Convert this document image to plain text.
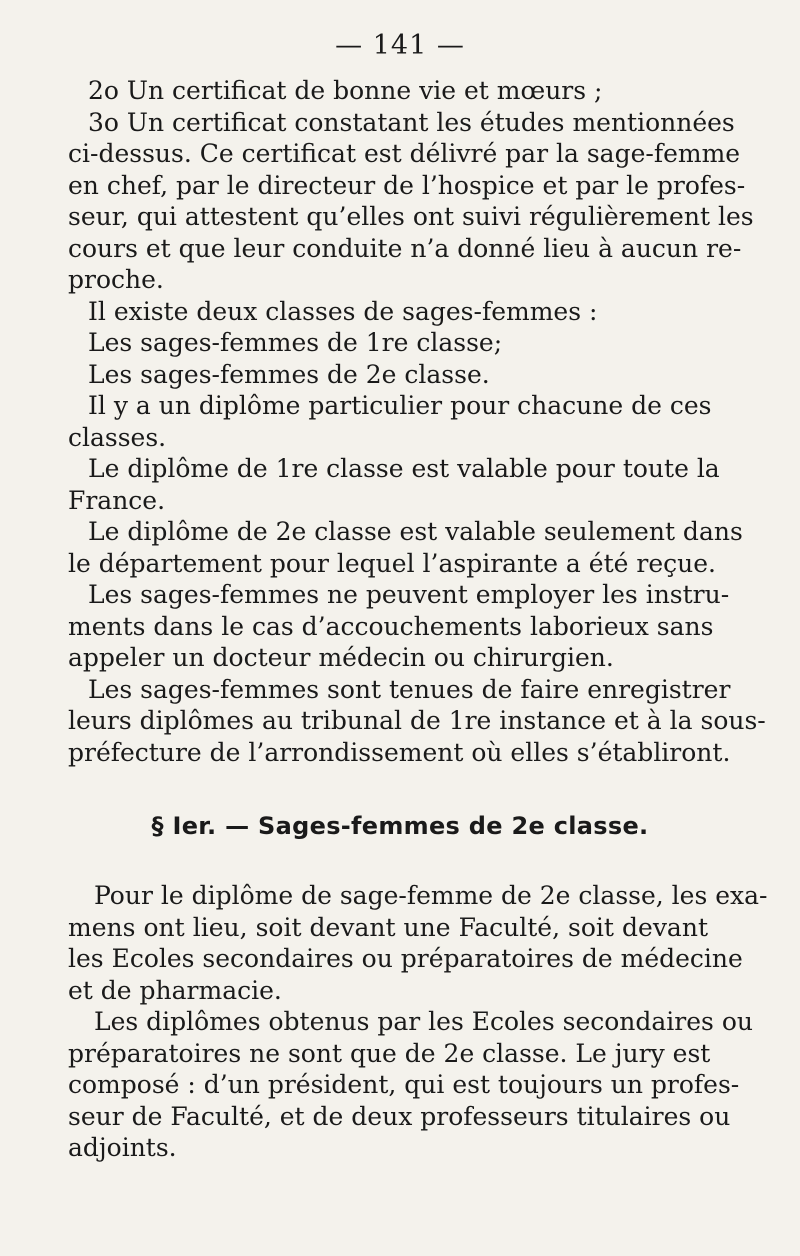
— 141 —
2o Un certificat de bonne vie et mœurs ;
3o Un certificat constatant les études mentionnées
ci-dessus. Ce certificat est délivré par la sage-femme
en chef, par le directeur de l’hospice et par le profes-
seur, qui attestent qu’elles ont suivi régulièrement les
cours et que leur conduite n’a donné lieu à aucun re-
proche.
Il existe deux classes de sages-femmes :
Les sages-femmes de 1re classe;
Les sages-femmes de 2e classe.
Il y a un diplôme particulier pour chacune de ces
classes.
Le diplôme de 1re classe est valable pour toute la
France.
Le diplôme de 2e classe est valable seulement dans
le département pour lequel l’aspirante a été reçue.
Les sages-femmes ne peuvent employer les instru-
ments dans le cas d’accouchements laborieux sans
appeler un docteur médecin ou chirurgien.
Les sages-femmes sont tenues de faire enregistrer
leurs diplômes au tribunal de 1re instance et à la sous-
préfecture de l’arrondissement où elles s’établiront.
§ Ier. — Sages-femmes de 2e classe.
Pour le diplôme de sage-femme de 2e classe, les exa-
mens ont lieu, soit devant une Faculté, soit devant
les Ecoles secondaires ou préparatoires de médecine
et de pharmacie.
Les diplômes obtenus par les Ecoles secondaires ou
préparatoires ne sont que de 2e classe. Le jury est
composé : d’un président, qui est toujours un profes-
seur de Faculté, et de deux professeurs titulaires ou
adjoints.
